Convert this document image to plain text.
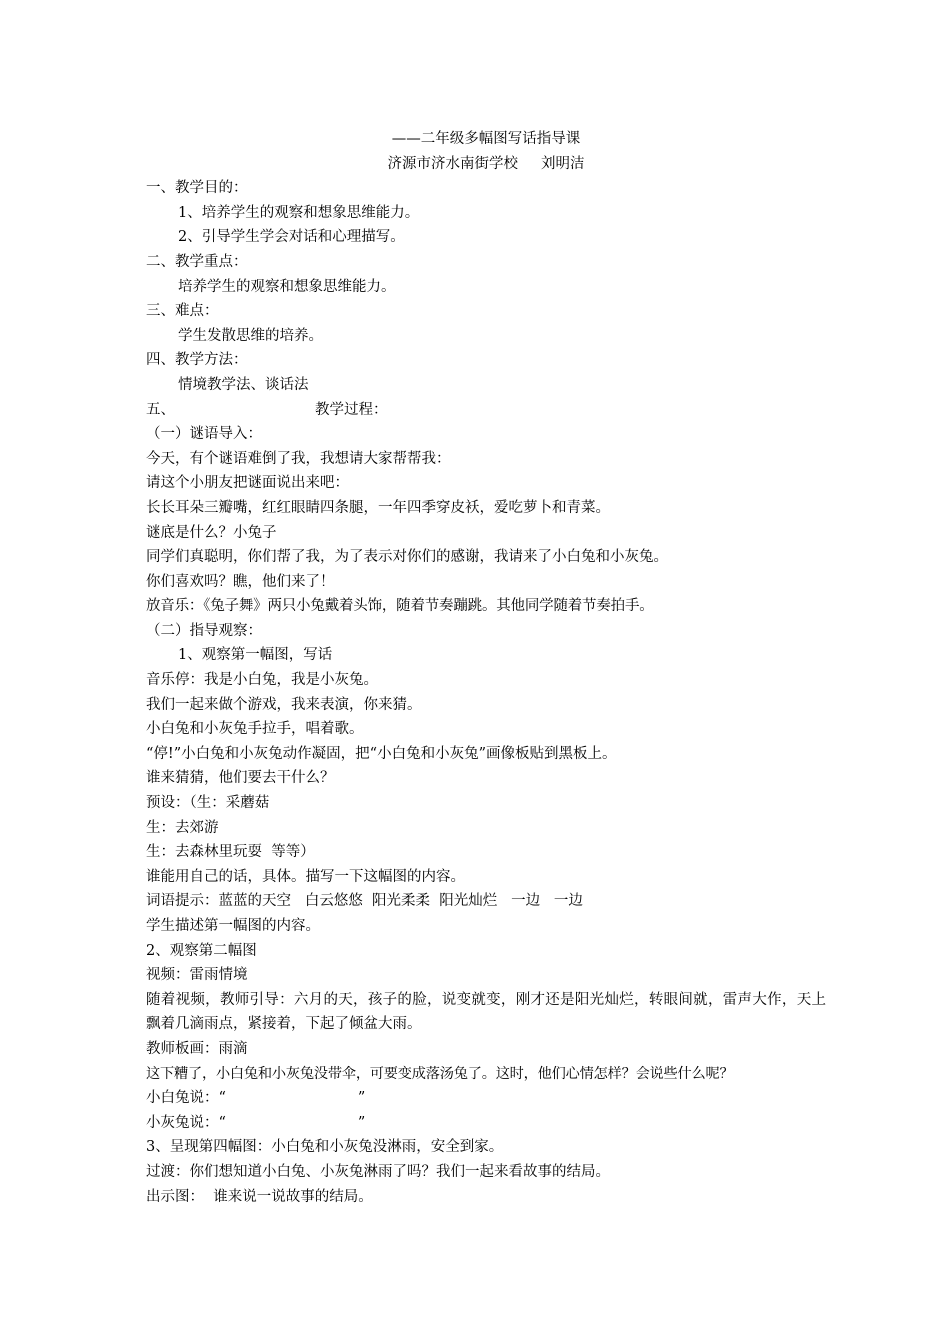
——二年级多幅图写话指导课
济源市济水南街学校     刘明洁
一、教学目的：
1、培养学生的观察和想象思维能力。
2、引导学生学会对话和心理描写。
二、教学重点：
培养学生的观察和想象思维能力。
三、难点：
学生发散思维的培养。
四、教学方法：
情境教学法、谈话法
五、	教学过程：
（一）谜语导入：
今天，有个谜语难倒了我，我想请大家帮帮我：
请这个小朋友把谜面说出来吧：
长长耳朵三瓣嘴，红红眼睛四条腿，一年四季穿皮袄，爱吃萝卜和青菜。
谜底是什么？小兔子
同学们真聪明，你们帮了我，为了表示对你们的感谢，我请来了小白兔和小灰兔。
你们喜欢吗？瞧，他们来了！
放音乐：《兔子舞》两只小兔戴着头饰，随着节奏蹦跳。其他同学随着节奏拍手。
（二）指导观察：
1、观察第一幅图，写话
音乐停：我是小白兔，我是小灰兔。
我们一起来做个游戏，我来表演，你来猜。
小白兔和小灰兔手拉手，唱着歌。
“停!”小白兔和小灰兔动作凝固，把“小白兔和小灰兔”画像板贴到黑板上。
谁来猜猜，他们要去干什么？
预设：（生：采蘑菇
生：去郊游
生：去森林里玩耍  等等）
谁能用自己的话，具体。描写一下这幅图的内容。
词语提示：蓝蓝的天空   白云悠悠  阳光柔柔  阳光灿烂   一边   一边
学生描述第一幅图的内容。
2、观察第二幅图
视频：雷雨情境
随着视频，教师引导：六月的天，孩子的脸，说变就变，刚才还是阳光灿烂，转眼间就，雷声大作，天上飘着几滴雨点，紧接着，下起了倾盆大雨。
教师板画：雨滴
这下糟了，小白兔和小灰兔没带伞，可要变成落汤兔了。这时，他们心情怎样？会说些什么呢？
小白兔说：“	”
小灰兔说：“	”
3、呈现第四幅图：小白兔和小灰兔没淋雨，安全到家。
过渡：你们想知道小白兔、小灰兔淋雨了吗？我们一起来看故事的结局。
出示图：  谁来说一说故事的结局。
